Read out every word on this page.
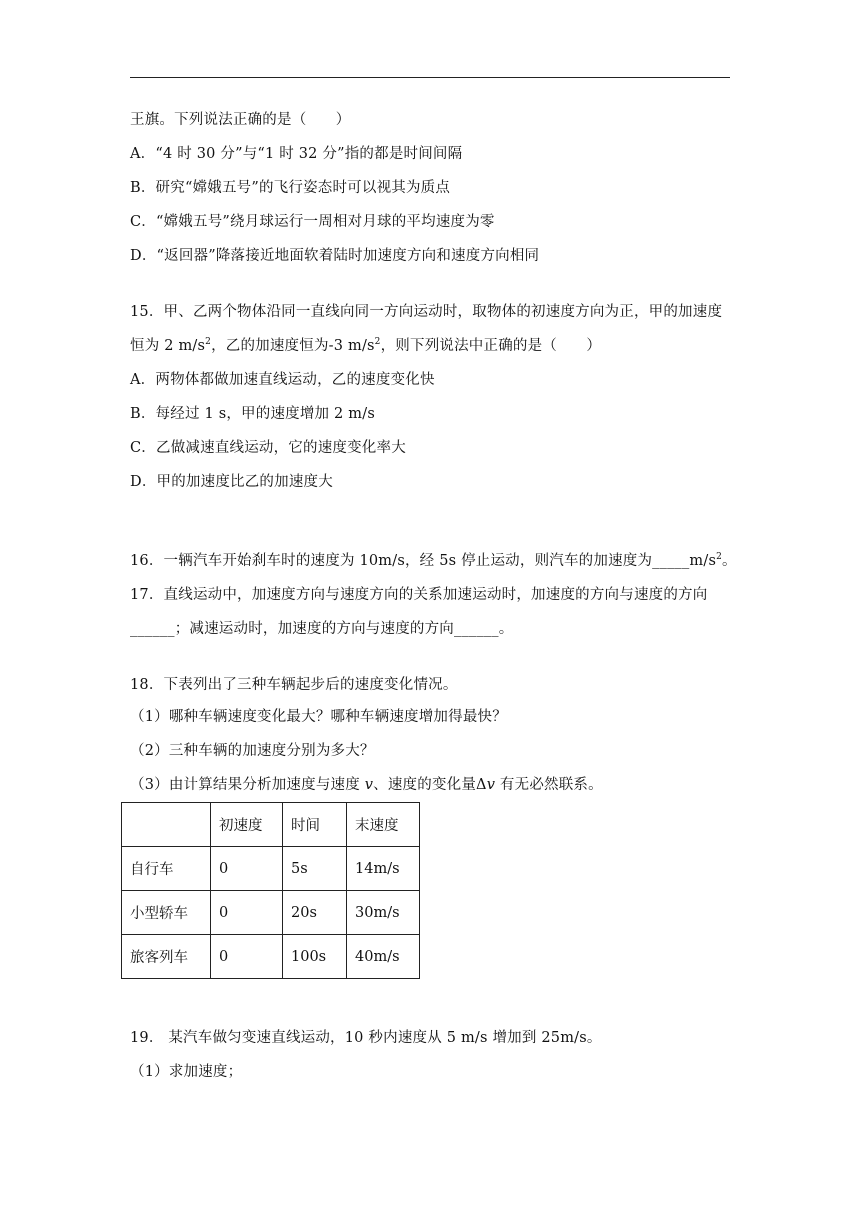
王旗。下列说法正确的是（　　）
A．“4 时 30 分”与“1 时 32 分”指的都是时间间隔
B．研究“嫦娥五号”的飞行姿态时可以视其为质点
C．“嫦娥五号”绕月球运行一周相对月球的平均速度为零
D．“返回器”降落接近地面软着陆时加速度方向和速度方向相同
15．甲、乙两个物体沿同一直线向同一方向运动时，取物体的初速度方向为正，甲的加速度
恒为 2 $m/s^2$，乙的加速度恒为-3 $m/s^2$，则下列说法中正确的是（　　）
A．两物体都做加速直线运动，乙的速度变化快
B．每经过 1 s，甲的速度增加 2 m/s
C．乙做减速直线运动，它的速度变化率大
D．甲的加速度比乙的加速度大
16．一辆汽车开始刹车时的速度为 10m/s，经 5s 停止运动，则汽车的加速度为$\_\_\_\_\_m/s^2$。
17．直线运动中，加速度方向与速度方向的关系加速运动时，加速度的方向与速度的方向
______；减速运动时，加速度的方向与速度的方向______。
18．下表列出了三种车辆起步后的速度变化情况。
（1）哪种车辆速度变化最大？哪种车辆速度增加得最快？
（2）三种车辆的加速度分别为多大？
（3）由计算结果分析加速度与速度 v、速度的变化量Δv 有无必然联系。
	初速度	时间	末速度
自行车	0	5s	14m/s
小型轿车	0	20s	30m/s
旅客列车	0	100s	40m/s
19． 某汽车做匀变速直线运动，10 秒内速度从 5 m/s 增加到 25m/s。
（1）求加速度；
